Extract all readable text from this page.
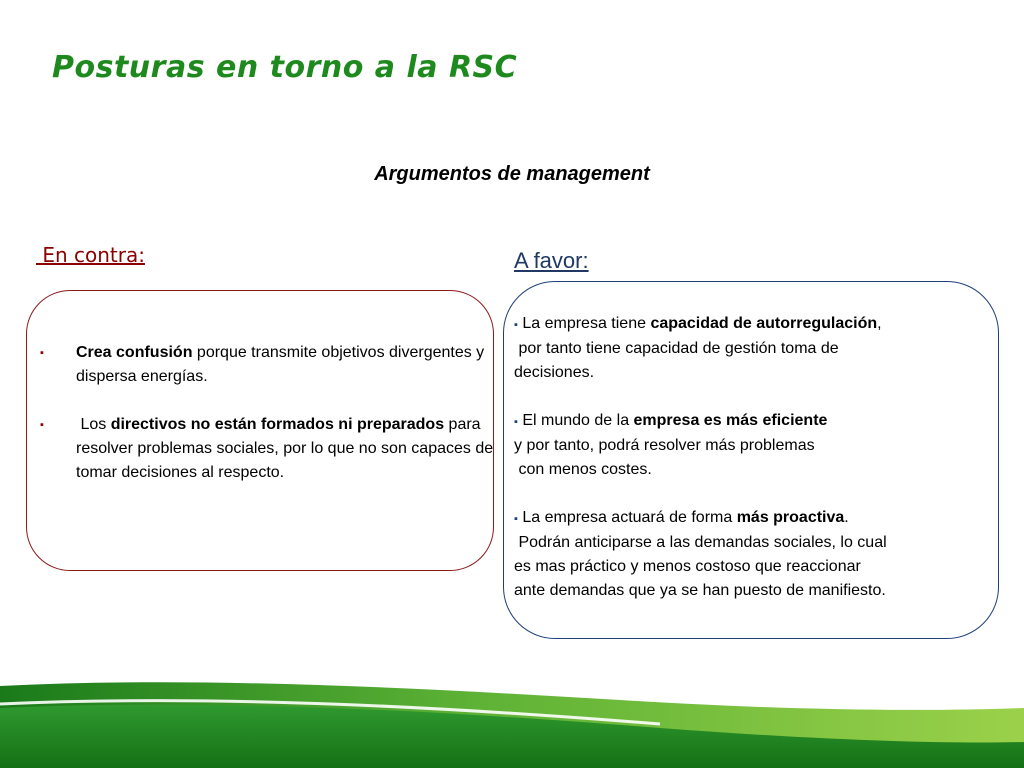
Posturas en torno a la RSC
Argumentos de management
En contra:	A favor:
▪ Crea confusión porque transmite objetivos divergentes y dispersa energías.
▪ Los directivos no están formados ni preparados para resolver problemas sociales, por lo que no son capaces de tomar decisiones al respecto.
▪ La empresa tiene capacidad de autorregulación,
por tanto tiene capacidad de gestión toma de
decisiones.
▪ El mundo de la empresa es más eficiente
y por tanto, podrá resolver más problemas
con menos costes.
▪ La empresa actuará de forma más proactiva.
Podrán anticiparse a las demandas sociales, lo cual
es mas práctico y menos costoso que reaccionar
ante demandas que ya se han puesto de manifiesto.
